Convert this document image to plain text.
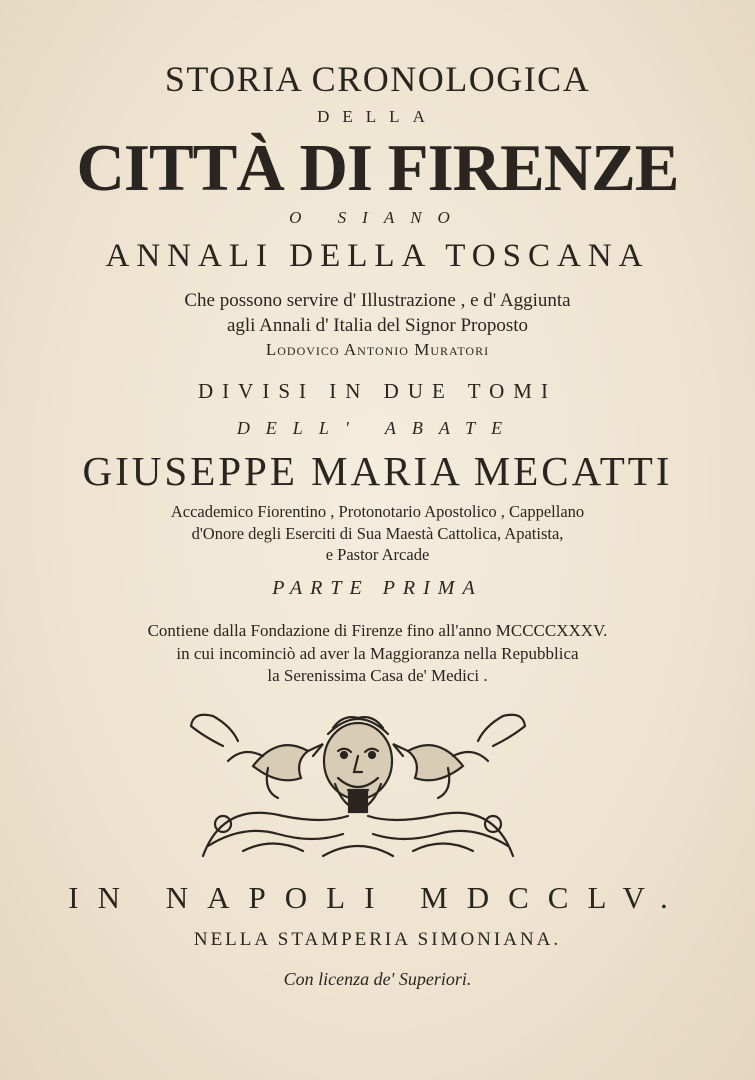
STORIA CRONOLOGICA
DELLA
CITTÀ DI FIRENZE
O SIANO
ANNALI DELLA TOSCANA
Che possono servire d' Illustrazione , e d' Aggiunta
agli Annali d' Italia del Signor Proposto
Lodovico Antonio Muratori
DIVISI IN DUE TOMI
DELL' ABATE
GIUSEPPE MARIA MECATTI
Accademico Fiorentino , Protonotario Apostolico , Cappellano
d'Onore degli Eserciti di Sua Maestà Cattolica, Apatista,
e Pastor Arcade
PARTE PRIMA
Contiene dalla Fondazione di Firenze fino all'anno MCCCCXXXV.
in cui incominciò ad aver la Maggioranza nella Repubblica
la Serenissima Casa de' Medici .
IN NAPOLI MDCCLV.
NELLA STAMPERIA SIMONIANA.
Con licenza de' Superiori.
